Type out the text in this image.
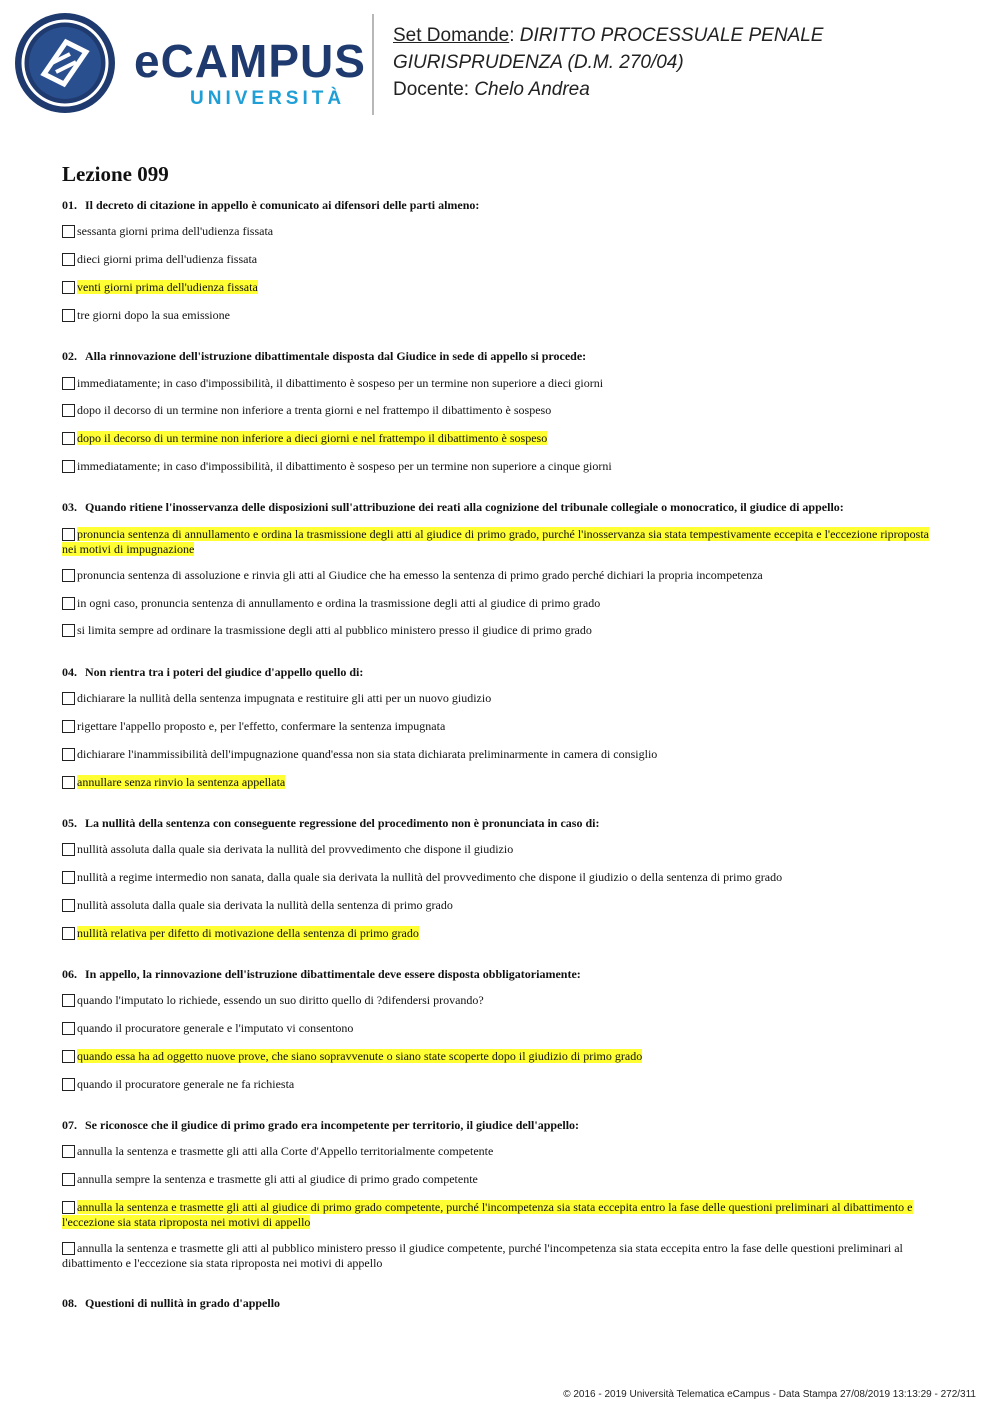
eCAMPUS
UNIVERSITÀ
Set Domande: DIRITTO PROCESSUALE PENALE
GIURISPRUDENZA (D.M. 270/04)
Docente: Chelo Andrea
Lezione 099
01. Il decreto di citazione in appello è comunicato ai difensori delle parti almeno:
sessanta giorni prima dell'udienza fissata
dieci giorni prima dell'udienza fissata
venti giorni prima dell'udienza fissata
tre giorni dopo la sua emissione
02. Alla rinnovazione dell'istruzione dibattimentale disposta dal Giudice in sede di appello si procede:
immediatamente; in caso d'impossibilità, il dibattimento è sospeso per un termine non superiore a dieci giorni
dopo il decorso di un termine non inferiore a trenta giorni e nel frattempo il dibattimento è sospeso
dopo il decorso di un termine non inferiore a dieci giorni e nel frattempo il dibattimento è sospeso
immediatamente; in caso d'impossibilità, il dibattimento è sospeso per un termine non superiore a cinque giorni
03. Quando ritiene l'inosservanza delle disposizioni sull'attribuzione dei reati alla cognizione del tribunale collegiale o monocratico, il giudice di appello:
pronuncia sentenza di annullamento e ordina la trasmissione degli atti al giudice di primo grado, purché l'inosservanza sia stata tempestivamente eccepita e l'eccezione riproposta nei motivi di impugnazione
pronuncia sentenza di assoluzione e rinvia gli atti al Giudice che ha emesso la sentenza di primo grado perché dichiari la propria incompetenza
in ogni caso, pronuncia sentenza di annullamento e ordina la trasmissione degli atti al giudice di primo grado
si limita sempre ad ordinare la trasmissione degli atti al pubblico ministero presso il giudice di primo grado
04. Non rientra tra i poteri del giudice d'appello quello di:
dichiarare la nullità della sentenza impugnata e restituire gli atti per un nuovo giudizio
rigettare l'appello proposto e, per l'effetto, confermare la sentenza impugnata
dichiarare l'inammissibilità dell'impugnazione quand'essa non sia stata dichiarata preliminarmente in camera di consiglio
annullare senza rinvio la sentenza appellata
05. La nullità della sentenza con conseguente regressione del procedimento non è pronunciata in caso di:
nullità assoluta dalla quale sia derivata la nullità del provvedimento che dispone il giudizio
nullità a regime intermedio non sanata, dalla quale sia derivata la nullità del provvedimento che dispone il giudizio o della sentenza di primo grado
nullità assoluta dalla quale sia derivata la nullità della sentenza di primo grado
nullità relativa per difetto di motivazione della sentenza di primo grado
06. In appello, la rinnovazione dell'istruzione dibattimentale deve essere disposta obbligatoriamente:
quando l'imputato lo richiede, essendo un suo diritto quello di ?difendersi provando?
quando il procuratore generale e l'imputato vi consentono
quando essa ha ad oggetto nuove prove, che siano sopravvenute o siano state scoperte dopo il giudizio di primo grado
quando il procuratore generale ne fa richiesta
07. Se riconosce che il giudice di primo grado era incompetente per territorio, il giudice dell'appello:
annulla la sentenza e trasmette gli atti alla Corte d'Appello territorialmente competente
annulla sempre la sentenza e trasmette gli atti al giudice di primo grado competente
annulla la sentenza e trasmette gli atti al giudice di primo grado competente, purché l'incompetenza sia stata eccepita entro la fase delle questioni preliminari al dibattimento e l'eccezione sia stata riproposta nei motivi di appello
annulla la sentenza e trasmette gli atti al pubblico ministero presso il giudice competente, purché l'incompetenza sia stata eccepita entro la fase delle questioni preliminari al dibattimento e l'eccezione sia stata riproposta nei motivi di appello
08. Questioni di nullità in grado d'appello
© 2016 - 2019 Università Telematica eCampus - Data Stampa 27/08/2019 13:13:29 - 272/311
